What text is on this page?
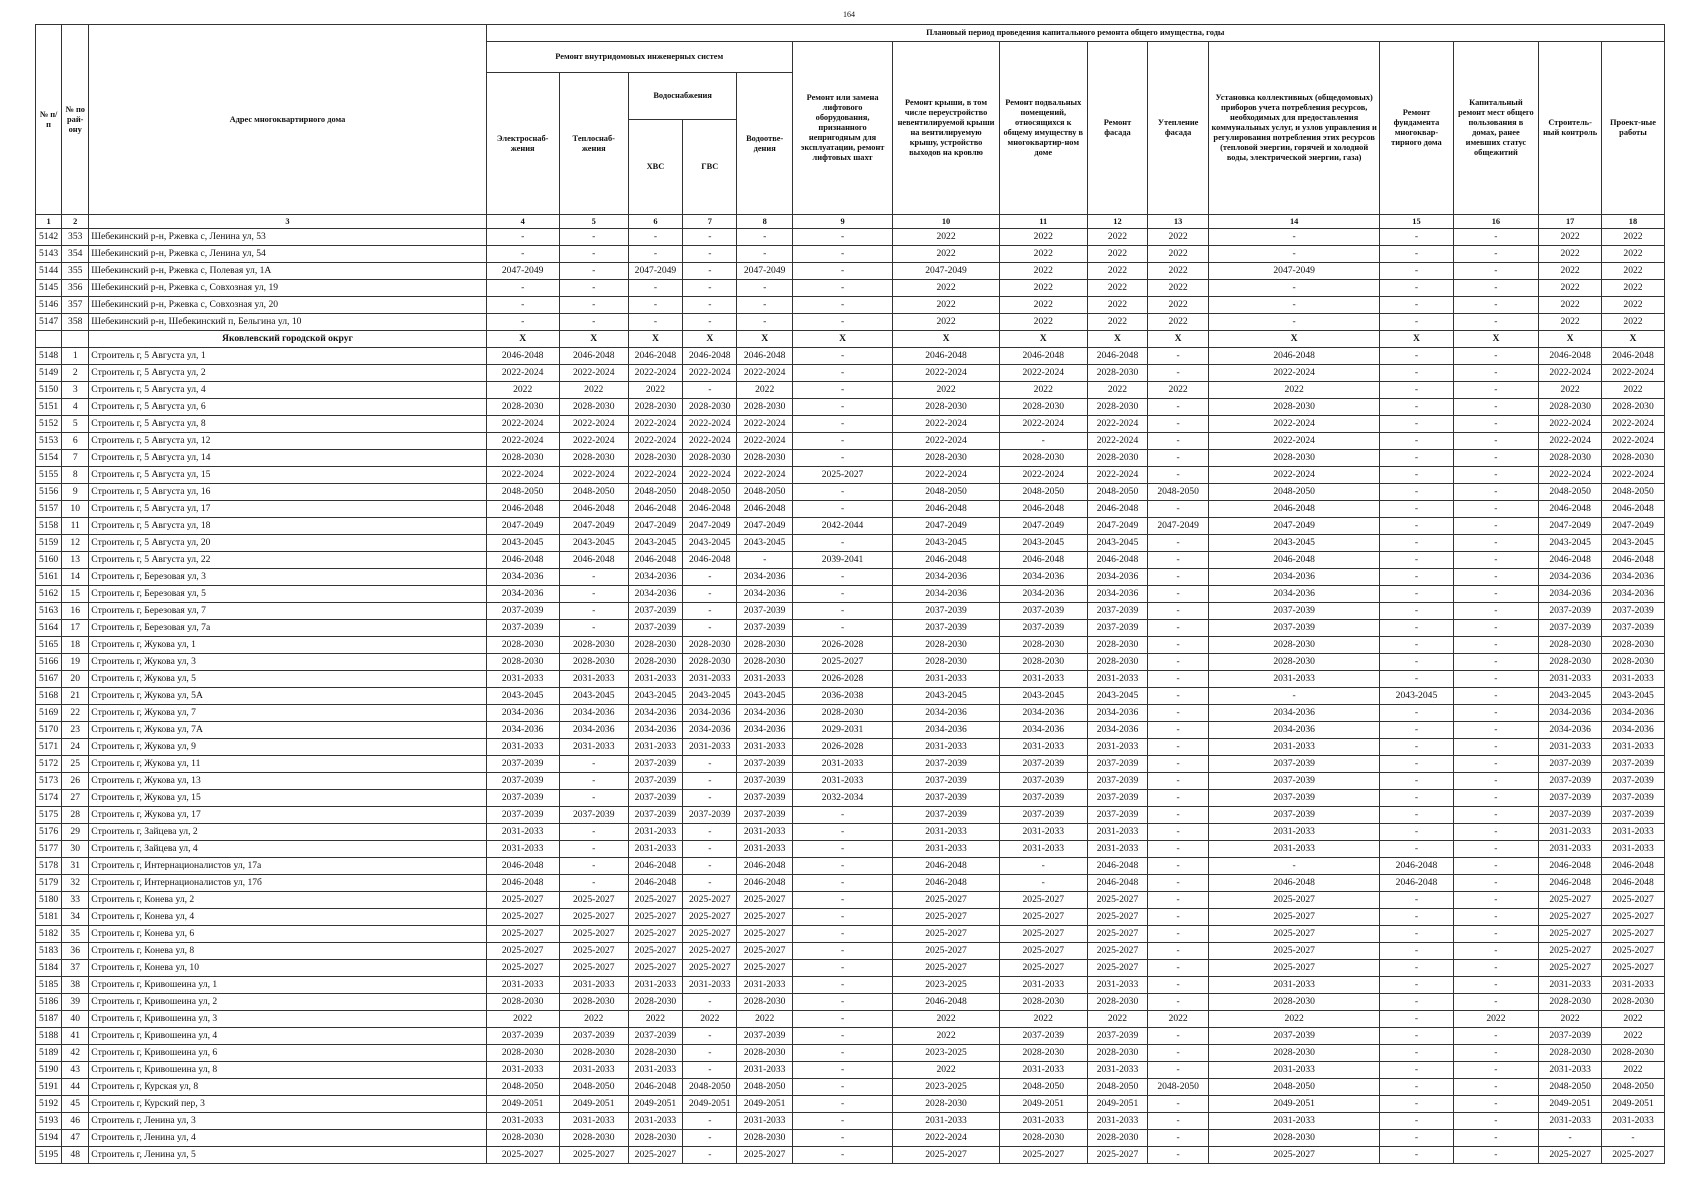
164
№ п/п	№ по рай-ону	Адрес многоквартирного дома	Плановый период проведения капитального ремонта общего имущества, годы														
			Ремонт внутридомовых инженерных систем					Ремонт или замена лифтового оборудования, признанного непригодным для эксплуатации, ремонт лифтовых шахт	Ремонт крыши, в том числе переустройство невентилируемой крыши на вентилируемую крышу, устройство выходов на кровлю	Ремонт подвальных помещений, относящихся к общему имуществу в многоквартир-ном доме	Ремонт фасада	Утепление фасада	Установка коллективных (общедомовых) приборов учета потребления ресурсов, необходимых для предоставления коммунальных услуг, и узлов управления и регулирования потребления этих ресурсов (тепловой энергии, горячей и холодной воды, электрической энергии, газа)	Ремонт фундамента многоквар-тирного дома	Капитальный ремонт мест общего пользования в домах, ранее имевших статус общежитий	Строитель-ный контроль	Проект-ные работы
			Электроснаб-жения	Теплоснаб-жения	Водоснабжения		Водоотве-дения										
					ХВС	ГВС											
1	2	3	4	5	6	7	8	9	10	11	12	13	14	15	16	17	18
5142	353	Шебекинский р-н, Ржевка с, Ленина ул, 53	-	-	-	-	-	-	2022	2022	2022	2022	-	-	-	2022	2022
5143	354	Шебекинский р-н, Ржевка с, Ленина ул, 54	-	-	-	-	-	-	2022	2022	2022	2022	-	-	-	2022	2022
5144	355	Шебекинский р-н, Ржевка с, Полевая ул, 1А	2047-2049	-	2047-2049	-	2047-2049	-	2047-2049	2022	2022	2022	2047-2049	-	-	2022	2022
5145	356	Шебекинский р-н, Ржевка с, Совхозная ул, 19	-	-	-	-	-	-	2022	2022	2022	2022	-	-	-	2022	2022
5146	357	Шебекинский р-н, Ржевка с, Совхозная ул, 20	-	-	-	-	-	-	2022	2022	2022	2022	-	-	-	2022	2022
5147	358	Шебекинский р-н, Шебекинский п, Бельгина ул, 10	-	-	-	-	-	-	2022	2022	2022	2022	-	-	-	2022	2022
		Яковлевский городской округ	X	X	X	X	X	X	X	X	X	X	X	X	X	X	X
5148	1	Строитель г, 5 Августа ул, 1	2046-2048	2046-2048	2046-2048	2046-2048	2046-2048	-	2046-2048	2046-2048	2046-2048	-	2046-2048	-	-	2046-2048	2046-2048
5149	2	Строитель г, 5 Августа ул, 2	2022-2024	2022-2024	2022-2024	2022-2024	2022-2024	-	2022-2024	2022-2024	2028-2030	-	2022-2024	-	-	2022-2024	2022-2024
5150	3	Строитель г, 5 Августа ул, 4	2022	2022	2022	-	2022	-	2022	2022	2022	2022	2022	-	-	2022	2022
5151	4	Строитель г, 5 Августа ул, 6	2028-2030	2028-2030	2028-2030	2028-2030	2028-2030	-	2028-2030	2028-2030	2028-2030	-	2028-2030	-	-	2028-2030	2028-2030
5152	5	Строитель г, 5 Августа ул, 8	2022-2024	2022-2024	2022-2024	2022-2024	2022-2024	-	2022-2024	2022-2024	2022-2024	-	2022-2024	-	-	2022-2024	2022-2024
5153	6	Строитель г, 5 Августа ул, 12	2022-2024	2022-2024	2022-2024	2022-2024	2022-2024	-	2022-2024	-	2022-2024	-	2022-2024	-	-	2022-2024	2022-2024
5154	7	Строитель г, 5 Августа ул, 14	2028-2030	2028-2030	2028-2030	2028-2030	2028-2030	-	2028-2030	2028-2030	2028-2030	-	2028-2030	-	-	2028-2030	2028-2030
5155	8	Строитель г, 5 Августа ул, 15	2022-2024	2022-2024	2022-2024	2022-2024	2022-2024	2025-2027	2022-2024	2022-2024	2022-2024	-	2022-2024	-	-	2022-2024	2022-2024
5156	9	Строитель г, 5 Августа ул, 16	2048-2050	2048-2050	2048-2050	2048-2050	2048-2050	-	2048-2050	2048-2050	2048-2050	2048-2050	2048-2050	-	-	2048-2050	2048-2050
5157	10	Строитель г, 5 Августа ул, 17	2046-2048	2046-2048	2046-2048	2046-2048	2046-2048	-	2046-2048	2046-2048	2046-2048	-	2046-2048	-	-	2046-2048	2046-2048
5158	11	Строитель г, 5 Августа ул, 18	2047-2049	2047-2049	2047-2049	2047-2049	2047-2049	2042-2044	2047-2049	2047-2049	2047-2049	2047-2049	2047-2049	-	-	2047-2049	2047-2049
5159	12	Строитель г, 5 Августа ул, 20	2043-2045	2043-2045	2043-2045	2043-2045	2043-2045	-	2043-2045	2043-2045	2043-2045	-	2043-2045	-	-	2043-2045	2043-2045
5160	13	Строитель г, 5 Августа ул, 22	2046-2048	2046-2048	2046-2048	2046-2048	-	2039-2041	2046-2048	2046-2048	2046-2048	-	2046-2048	-	-	2046-2048	2046-2048
5161	14	Строитель г, Березовая ул, 3	2034-2036	-	2034-2036	-	2034-2036	-	2034-2036	2034-2036	2034-2036	-	2034-2036	-	-	2034-2036	2034-2036
5162	15	Строитель г, Березовая ул, 5	2034-2036	-	2034-2036	-	2034-2036	-	2034-2036	2034-2036	2034-2036	-	2034-2036	-	-	2034-2036	2034-2036
5163	16	Строитель г, Березовая ул, 7	2037-2039	-	2037-2039	-	2037-2039	-	2037-2039	2037-2039	2037-2039	-	2037-2039	-	-	2037-2039	2037-2039
5164	17	Строитель г, Березовая ул, 7а	2037-2039	-	2037-2039	-	2037-2039	-	2037-2039	2037-2039	2037-2039	-	2037-2039	-	-	2037-2039	2037-2039
5165	18	Строитель г, Жукова ул, 1	2028-2030	2028-2030	2028-2030	2028-2030	2028-2030	2026-2028	2028-2030	2028-2030	2028-2030	-	2028-2030	-	-	2028-2030	2028-2030
5166	19	Строитель г, Жукова ул, 3	2028-2030	2028-2030	2028-2030	2028-2030	2028-2030	2025-2027	2028-2030	2028-2030	2028-2030	-	2028-2030	-	-	2028-2030	2028-2030
5167	20	Строитель г, Жукова ул, 5	2031-2033	2031-2033	2031-2033	2031-2033	2031-2033	2026-2028	2031-2033	2031-2033	2031-2033	-	2031-2033	-	-	2031-2033	2031-2033
5168	21	Строитель г, Жукова ул, 5А	2043-2045	2043-2045	2043-2045	2043-2045	2043-2045	2036-2038	2043-2045	2043-2045	2043-2045	-	-	2043-2045	-	2043-2045	2043-2045
5169	22	Строитель г, Жукова ул, 7	2034-2036	2034-2036	2034-2036	2034-2036	2034-2036	2028-2030	2034-2036	2034-2036	2034-2036	-	2034-2036	-	-	2034-2036	2034-2036
5170	23	Строитель г, Жукова ул, 7А	2034-2036	2034-2036	2034-2036	2034-2036	2034-2036	2029-2031	2034-2036	2034-2036	2034-2036	-	2034-2036	-	-	2034-2036	2034-2036
5171	24	Строитель г, Жукова ул, 9	2031-2033	2031-2033	2031-2033	2031-2033	2031-2033	2026-2028	2031-2033	2031-2033	2031-2033	-	2031-2033	-	-	2031-2033	2031-2033
5172	25	Строитель г, Жукова ул, 11	2037-2039	-	2037-2039	-	2037-2039	2031-2033	2037-2039	2037-2039	2037-2039	-	2037-2039	-	-	2037-2039	2037-2039
5173	26	Строитель г, Жукова ул, 13	2037-2039	-	2037-2039	-	2037-2039	2031-2033	2037-2039	2037-2039	2037-2039	-	2037-2039	-	-	2037-2039	2037-2039
5174	27	Строитель г, Жукова ул, 15	2037-2039	-	2037-2039	-	2037-2039	2032-2034	2037-2039	2037-2039	2037-2039	-	2037-2039	-	-	2037-2039	2037-2039
5175	28	Строитель г, Жукова ул, 17	2037-2039	2037-2039	2037-2039	2037-2039	2037-2039	-	2037-2039	2037-2039	2037-2039	-	2037-2039	-	-	2037-2039	2037-2039
5176	29	Строитель г, Зайцева ул, 2	2031-2033	-	2031-2033	-	2031-2033	-	2031-2033	2031-2033	2031-2033	-	2031-2033	-	-	2031-2033	2031-2033
5177	30	Строитель г, Зайцева ул, 4	2031-2033	-	2031-2033	-	2031-2033	-	2031-2033	2031-2033	2031-2033	-	2031-2033	-	-	2031-2033	2031-2033
5178	31	Строитель г, Интернационалистов ул, 17а	2046-2048	-	2046-2048	-	2046-2048	-	2046-2048	-	2046-2048	-	-	2046-2048	-	2046-2048	2046-2048
5179	32	Строитель г, Интернационалистов ул, 17б	2046-2048	-	2046-2048	-	2046-2048	-	2046-2048	-	2046-2048	-	2046-2048	2046-2048	-	2046-2048	2046-2048
5180	33	Строитель г, Конева ул, 2	2025-2027	2025-2027	2025-2027	2025-2027	2025-2027	-	2025-2027	2025-2027	2025-2027	-	2025-2027	-	-	2025-2027	2025-2027
5181	34	Строитель г, Конева ул, 4	2025-2027	2025-2027	2025-2027	2025-2027	2025-2027	-	2025-2027	2025-2027	2025-2027	-	2025-2027	-	-	2025-2027	2025-2027
5182	35	Строитель г, Конева ул, 6	2025-2027	2025-2027	2025-2027	2025-2027	2025-2027	-	2025-2027	2025-2027	2025-2027	-	2025-2027	-	-	2025-2027	2025-2027
5183	36	Строитель г, Конева ул, 8	2025-2027	2025-2027	2025-2027	2025-2027	2025-2027	-	2025-2027	2025-2027	2025-2027	-	2025-2027	-	-	2025-2027	2025-2027
5184	37	Строитель г, Конева ул, 10	2025-2027	2025-2027	2025-2027	2025-2027	2025-2027	-	2025-2027	2025-2027	2025-2027	-	2025-2027	-	-	2025-2027	2025-2027
5185	38	Строитель г, Кривошеина ул, 1	2031-2033	2031-2033	2031-2033	2031-2033	2031-2033	-	2023-2025	2031-2033	2031-2033	-	2031-2033	-	-	2031-2033	2031-2033
5186	39	Строитель г, Кривошеина ул, 2	2028-2030	2028-2030	2028-2030	-	2028-2030	-	2046-2048	2028-2030	2028-2030	-	2028-2030	-	-	2028-2030	2028-2030
5187	40	Строитель г, Кривошеина ул, 3	2022	2022	2022	2022	2022	-	2022	2022	2022	2022	2022	-	2022	2022	2022
5188	41	Строитель г, Кривошеина ул, 4	2037-2039	2037-2039	2037-2039	-	2037-2039	-	2022	2037-2039	2037-2039	-	2037-2039	-	-	2037-2039	2022
5189	42	Строитель г, Кривошеина ул, 6	2028-2030	2028-2030	2028-2030	-	2028-2030	-	2023-2025	2028-2030	2028-2030	-	2028-2030	-	-	2028-2030	2028-2030
5190	43	Строитель г, Кривошеина ул, 8	2031-2033	2031-2033	2031-2033	-	2031-2033	-	2022	2031-2033	2031-2033	-	2031-2033	-	-	2031-2033	2022
5191	44	Строитель г, Курская ул, 8	2048-2050	2048-2050	2046-2048	2048-2050	2048-2050	-	2023-2025	2048-2050	2048-2050	2048-2050	2048-2050	-	-	2048-2050	2048-2050
5192	45	Строитель г, Курский пер, 3	2049-2051	2049-2051	2049-2051	2049-2051	2049-2051	-	2028-2030	2049-2051	2049-2051	-	2049-2051	-	-	2049-2051	2049-2051
5193	46	Строитель г, Ленина ул, 3	2031-2033	2031-2033	2031-2033	-	2031-2033	-	2031-2033	2031-2033	2031-2033	-	2031-2033	-	-	2031-2033	2031-2033
5194	47	Строитель г, Ленина ул, 4	2028-2030	2028-2030	2028-2030	-	2028-2030	-	2022-2024	2028-2030	2028-2030	-	2028-2030	-	-	-	-
5195	48	Строитель г, Ленина ул, 5	2025-2027	2025-2027	2025-2027	-	2025-2027	-	2025-2027	2025-2027	2025-2027	-	2025-2027	-	-	2025-2027	2025-2027
